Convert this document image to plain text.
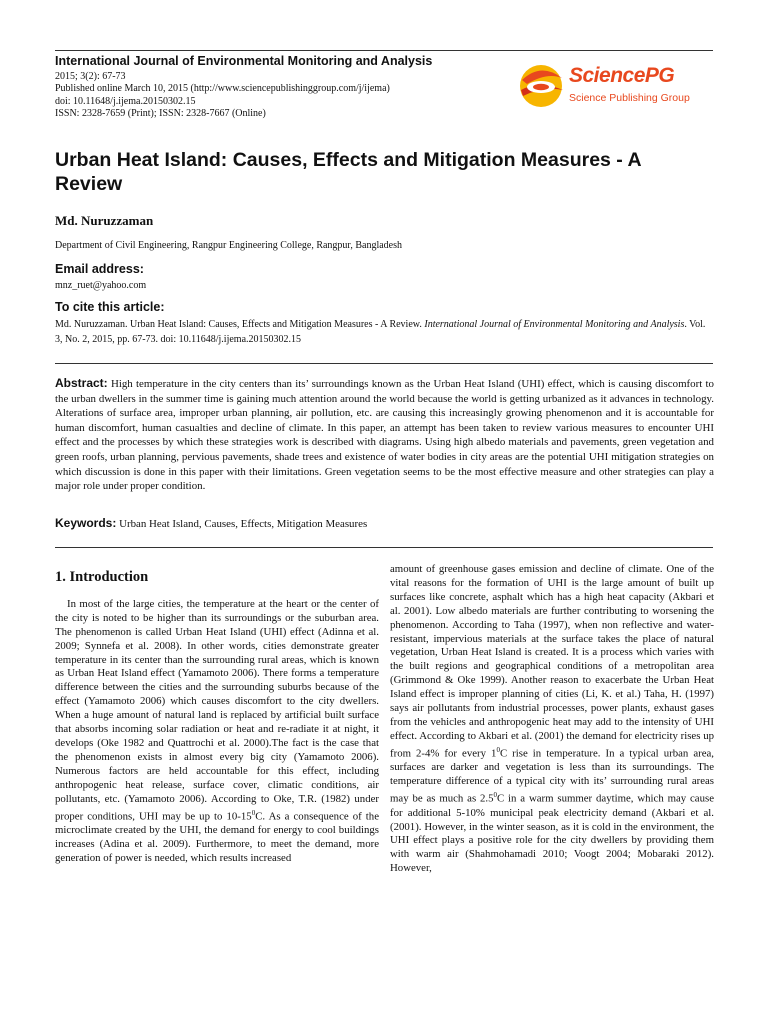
International Journal of Environmental Monitoring and Analysis
2015; 3(2): 67-73
Published online March 10, 2015 (http://www.sciencepublishinggroup.com/j/ijema)
doi: 10.11648/j.ijema.20150302.15
ISSN: 2328-7659 (Print); ISSN: 2328-7667 (Online)
SciencePG
Science Publishing Group
Urban Heat Island: Causes, Effects and Mitigation Measures - A Review
Md. Nuruzzaman
Department of Civil Engineering, Rangpur Engineering College, Rangpur, Bangladesh
Email address:
mnz_ruet@yahoo.com
To cite this article:
Md. Nuruzzaman. Urban Heat Island: Causes, Effects and Mitigation Measures - A Review. International Journal of Environmental Monitoring and Analysis. Vol. 3, No. 2, 2015, pp. 67-73. doi: 10.11648/j.ijema.20150302.15
Abstract: High temperature in the city centers than its’ surroundings known as the Urban Heat Island (UHI) effect, which is causing discomfort to the urban dwellers in the summer time is gaining much attention around the world because the world is getting urbanized as it advances in technology. Alterations of surface area, improper urban planning, air pollution, etc. are causing this increasingly growing phenomenon and it is accountable for human discomfort, human casualties and decline of climate. In this paper, an attempt has been taken to review various measures to encounter UHI effect and the processes by which these strategies work is described with diagrams. Using high albedo materials and pavements, green vegetation and green roofs, urban planning, pervious pavements, shade trees and existence of water bodies in city areas are the potential UHI mitigation strategies on which discussion is done in this paper with their limitations. Green vegetation seems to be the most effective measure and other strategies can play a major role under proper condition.
Keywords: Urban Heat Island, Causes, Effects, Mitigation Measures
1. Introduction

In most of the large cities, the temperature at the heart or the center of the city is noted to be higher than its surroundings or the suburban area. The phenomenon is called Urban Heat Island (UHI) effect (Adinna et al. 2009; Synnefa et al. 2008). In other words, cities demonstrate greater temperature in its center than the surrounding rural areas, which is known as Urban Heat Island effect (Yamamoto 2006). There forms a temperature difference between the cities and the surrounding suburbs because of the effect (Yamamoto 2006) which causes discomfort to the city dwellers. When a huge amount of natural land is replaced by artificial built surface that absorbs incoming solar radiation or heat and re-radiate it at night, it develops (Oke 1982 and Quattrochi et al. 2000).The fact is the case that the phenomenon exists in almost every big city (Yamamoto 2006). Numerous factors are held accountable for this effect, including anthropogenic heat release, surface cover, climatic conditions, air pollutants, etc. (Yamamoto 2006). According to Oke, T.R. (1982) under proper conditions, UHI may be up to $10-15^0C$. As a consequence of the microclimate created by the UHI, the demand for energy to cool buildings increases (Adina et al. 2009). Furthermore, to meet the demand, more generation of power is needed, which results increased

amount of greenhouse gases emission and decline of climate. One of the vital reasons for the formation of UHI is the large amount of built up surfaces like concrete, asphalt which has a high heat capacity (Akbari et al. 2001). Low albedo materials are further contributing to worsening the phenomenon. According to Taha (1997), when non reflective and water-resistant, impervious materials at the surface takes the place of natural vegetation, Urban Heat Island is created. It is a process which varies with the built regions and geographical conditions of a metropolitan area (Grimmond & Oke 1999). Another reason to exacerbate the Urban Heat Island effect is improper planning of cities (Li, K. et al.) Taha, H. (1997) says air pollutants from industrial processes, power plants, exhaust gases from the vehicles and anthropogenic heat may add to the intensity of UHI effect. According to Akbari et al. (2001) the demand for electricity rises up from 2-4% for every $1^0C$ rise in temperature. In a typical urban area, surfaces are darker and vegetation is less than its surroundings. The temperature difference of a typical city with its’ surrounding rural areas may be as much as $2.5^0C$ in a warm summer daytime, which may cause for additional 5-10% municipal peak electricity demand (Akbari et al. (2001). However, in the winter season, as it is cold in the environment, the UHI effect plays a positive role for the city dwellers by providing them with warm air (Shahmohamadi 2010; Voogt 2004; Mobaraki 2012). However,
